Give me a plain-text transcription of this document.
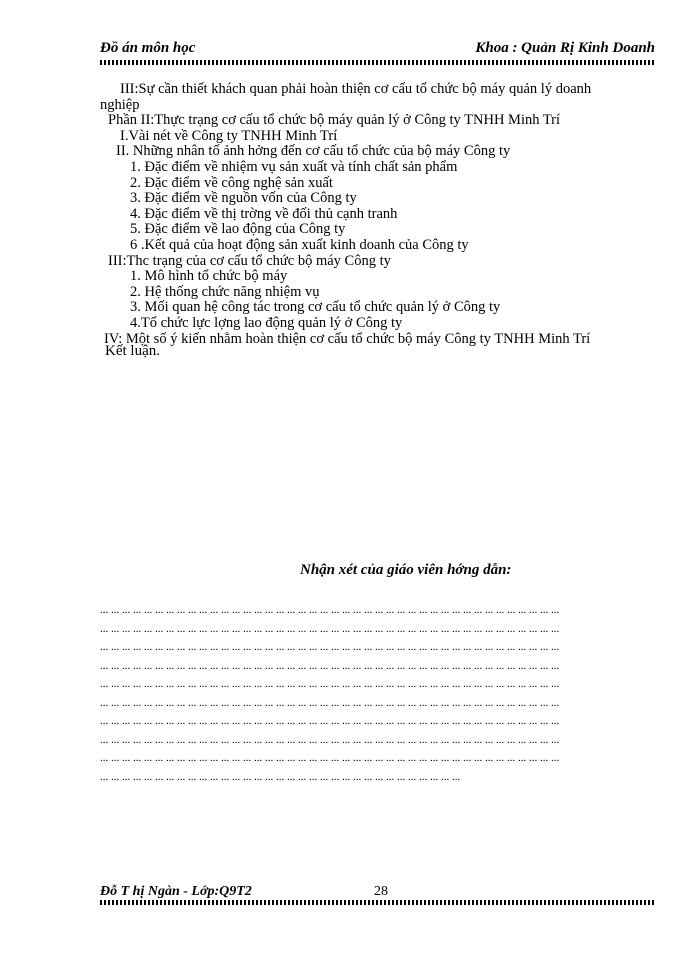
Đồ án môn học	Khoa : Quản Rị Kinh Doanh
III:Sự cần thiết khách quan phải hoàn thiện cơ cấu tổ chức bộ máy quản lý doanh
nghiệp
Phần II:Thực trạng cơ cấu tổ chức bộ máy quản lý ở Công ty TNHH Minh Trí
I.Vài nét về Công ty TNHH Minh Trí
II. Những nhân tố ảnh hởng đến cơ cấu tổ chức của bộ máy Công ty
1. Đặc điểm về nhiệm vụ sản xuất và tính chất sản phẩm
2. Đặc điểm về công nghệ sản xuất
3. Đặc điểm về nguồn vốn của Công ty
4. Đặc điểm về thị trờng về đối thủ cạnh tranh
5. Đặc điểm về lao động của Công ty
6 .Kết quả của hoạt động sản xuất kinh doanh của Công ty
III:Thc trạng của cơ cấu tổ chức bộ máy Công ty
1. Mô hình tổ chức bộ máy
2. Hệ thống chức năng nhiệm vụ
3. Mối quan hệ công tác trong cơ cấu tổ chức quản lý ở Công ty
4.Tổ chức lực lợng lao động quản lý ở Công ty
IV: Một số ý kiến nhằm hoàn thiện cơ cấu tổ chức bộ máy Công ty TNHH Minh Trí
Kết luận.
Nhận xét của giáo viên hớng dẫn:
... ... ... ... ... ... ... ... ... ... ... ... ... ... ... ... ... ... ... ... ... ... ... ... ... ... ... ... ... ... ... ... ... ... ... ... ... ... ... ... ... ...
... ... ... ... ... ... ... ... ... ... ... ... ... ... ... ... ... ... ... ... ... ... ... ... ... ... ... ... ... ... ... ... ... ... ... ... ... ... ... ... ... ...
... ... ... ... ... ... ... ... ... ... ... ... ... ... ... ... ... ... ... ... ... ... ... ... ... ... ... ... ... ... ... ... ... ... ... ... ... ... ... ... ... ...
... ... ... ... ... ... ... ... ... ... ... ... ... ... ... ... ... ... ... ... ... ... ... ... ... ... ... ... ... ... ... ... ... ... ... ... ... ... ... ... ... ...
... ... ... ... ... ... ... ... ... ... ... ... ... ... ... ... ... ... ... ... ... ... ... ... ... ... ... ... ... ... ... ... ... ... ... ... ... ... ... ... ... ...
... ... ... ... ... ... ... ... ... ... ... ... ... ... ... ... ... ... ... ... ... ... ... ... ... ... ... ... ... ... ... ... ... ... ... ... ... ... ... ... ... ...
... ... ... ... ... ... ... ... ... ... ... ... ... ... ... ... ... ... ... ... ... ... ... ... ... ... ... ... ... ... ... ... ... ... ... ... ... ... ... ... ... ...
... ... ... ... ... ... ... ... ... ... ... ... ... ... ... ... ... ... ... ... ... ... ... ... ... ... ... ... ... ... ... ... ... ... ... ... ... ... ... ... ... ...
... ... ... ... ... ... ... ... ... ... ... ... ... ... ... ... ... ... ... ... ... ... ... ... ... ... ... ... ... ... ... ... ... ... ... ... ... ... ... ... ... ...
... ... ... ... ... ... ... ... ... ... ... ... ... ... ... ... ... ... ... ... ... ... ... ... ... ... ... ... ... ... ... ... ...
Đỗ T hị Ngàn - Lớp:Q9T2	28
